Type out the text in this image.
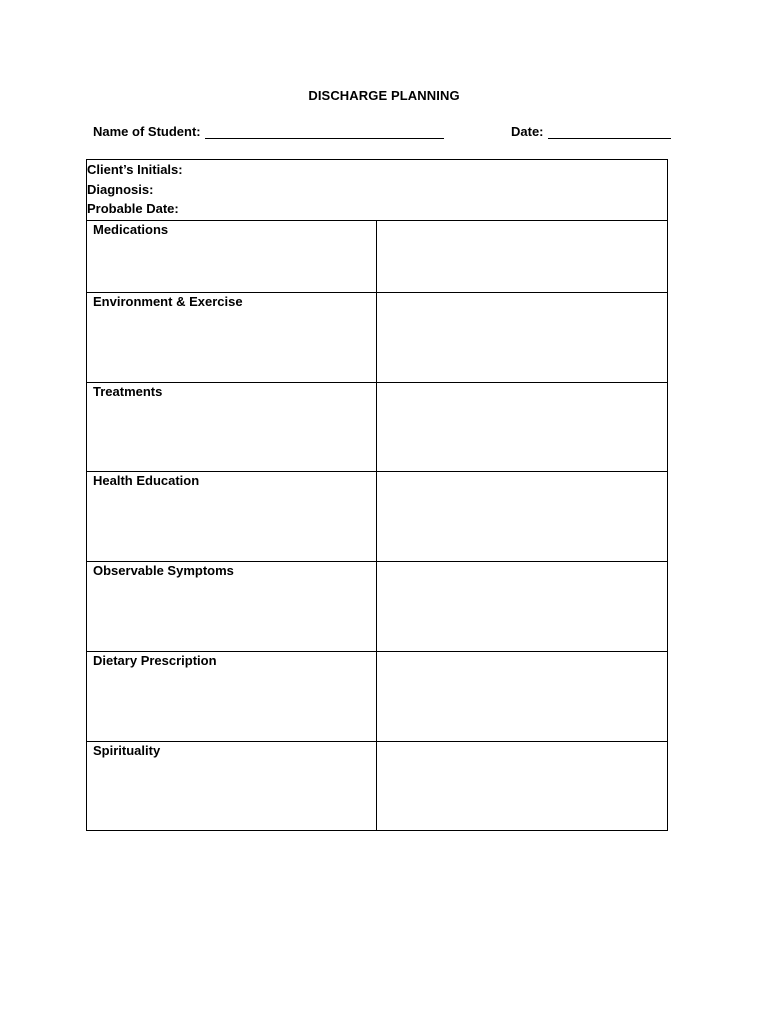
DISCHARGE PLANNING
Name of Student:	Date:
Client’s Initials:
Diagnosis:
Probable Date:	

Medications	

Environment & Exercise	

Treatments	

Health Education	

Observable Symptoms	

Dietary Prescription	

Spirituality	
